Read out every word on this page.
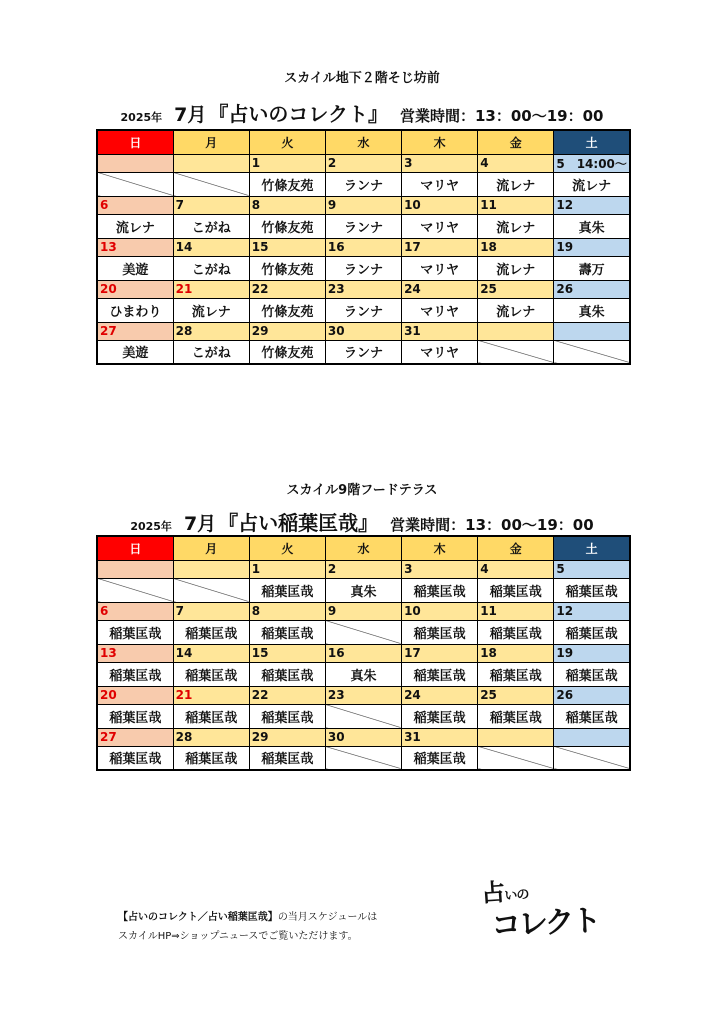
スカイル地下２階そじ坊前
2025年 7月 『占いのコレクト』 営業時間：13：00～19：00
日	月	火	水	木	金	土
		1	2	3	4	5　14:00～
		竹條友苑	ランナ	マリヤ	流レナ	流レナ
6	7	8	9	10	11	12
流レナ	こがね	竹條友苑	ランナ	マリヤ	流レナ	真朱
13	14	15	16	17	18	19
美遊	こがね	竹條友苑	ランナ	マリヤ	流レナ	壽万
20	21	22	23	24	25	26
ひまわり	流レナ	竹條友苑	ランナ	マリヤ	流レナ	真朱
27	28	29	30	31		
美遊	こがね	竹條友苑	ランナ	マリヤ		
スカイル9階フードテラス
2025年 7月 『占い稲葉匡哉』 営業時間：13：00～19：00
日	月	火	水	木	金	土
		1	2	3	4	5
		稲葉匡哉	真朱	稲葉匡哉	稲葉匡哉	稲葉匡哉
6	7	8	9	10	11	12
稲葉匡哉	稲葉匡哉	稲葉匡哉		稲葉匡哉	稲葉匡哉	稲葉匡哉
13	14	15	16	17	18	19
稲葉匡哉	稲葉匡哉	稲葉匡哉	真朱	稲葉匡哉	稲葉匡哉	稲葉匡哉
20	21	22	23	24	25	26
稲葉匡哉	稲葉匡哉	稲葉匡哉		稲葉匡哉	稲葉匡哉	稲葉匡哉
27	28	29	30	31		
稲葉匡哉	稲葉匡哉	稲葉匡哉		稲葉匡哉		
【占いのコレクト／占い稲葉匡哉】の当月スケジュールは
スカイルHP⇒ショップニュースでご覧いただけます。
占いの
コレクト
